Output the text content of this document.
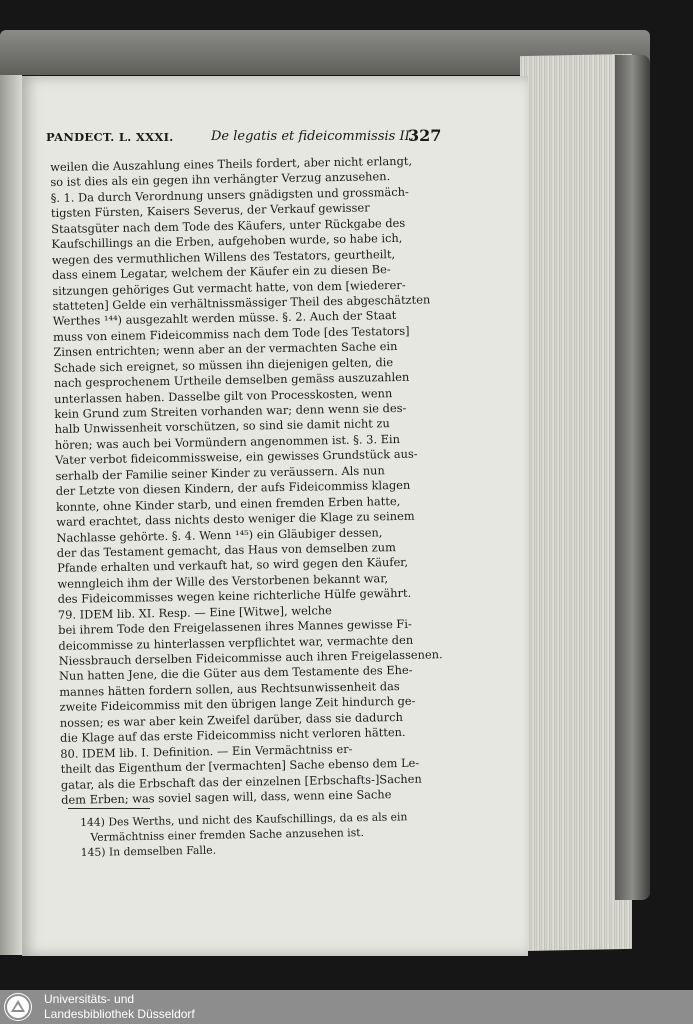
PANDECT. L. XXXI.	De legatis et fideicommissis II.
327
weilen die Auszahlung eines Theils fordert, aber nicht erlangt,
so ist dies als ein gegen ihn verhängter Verzug anzusehen.
§. 1. Da durch Verordnung unsers gnädigsten und grossmäch-
tigsten Fürsten, Kaisers Severus, der Verkauf gewisser
Staatsgüter nach dem Tode des Käufers, unter Rückgabe des
Kaufschillings an die Erben, aufgehoben wurde, so habe ich,
wegen des vermuthlichen Willens des Testators, geurtheilt,
dass einem Legatar, welchem der Käufer ein zu diesen Be-
sitzungen gehöriges Gut vermacht hatte, von dem [wiederer-
statteten] Gelde ein verhältnissmässiger Theil des abgeschätzten
Werthes ¹⁴⁴) ausgezahlt werden müsse. §. 2. Auch der Staat
muss von einem Fideicommiss nach dem Tode [des Testators]
Zinsen entrichten; wenn aber an der vermachten Sache ein
Schade sich ereignet, so müssen ihn diejenigen gelten, die
nach gesprochenem Urtheile demselben gemäss auszuzahlen
unterlassen haben. Dasselbe gilt von Processkosten, wenn
kein Grund zum Streiten vorhanden war; denn wenn sie des-
halb Unwissenheit vorschützen, so sind sie damit nicht zu
hören; was auch bei Vormündern angenommen ist. §. 3. Ein
Vater verbot fideicommissweise, ein gewisses Grundstück aus-
serhalb der Familie seiner Kinder zu veräussern. Als nun
der Letzte von diesen Kindern, der aufs Fideicommiss klagen
konnte, ohne Kinder starb, und einen fremden Erben hatte,
ward erachtet, dass nichts desto weniger die Klage zu seinem
Nachlasse gehörte. §. 4. Wenn ¹⁴⁵) ein Gläubiger dessen,
der das Testament gemacht, das Haus von demselben zum
Pfande erhalten und verkauft hat, so wird gegen den Käufer,
wenngleich ihm der Wille des Verstorbenen bekannt war,
des Fideicommisses wegen keine richterliche Hülfe gewährt.
79. IDEM lib. XI. Resp. — Eine [Witwe], welche
bei ihrem Tode den Freigelassenen ihres Mannes gewisse Fi-
deicommisse zu hinterlassen verpflichtet war, vermachte den
Niessbrauch derselben Fideicommisse auch ihren Freigelassenen.
Nun hatten Jene, die die Güter aus dem Testamente des Ehe-
mannes hätten fordern sollen, aus Rechtsunwissenheit das
zweite Fideicommiss mit den übrigen lange Zeit hindurch ge-
nossen; es war aber kein Zweifel darüber, dass sie dadurch
die Klage auf das erste Fideicommiss nicht verloren hätten.
80. IDEM lib. I. Definition. — Ein Vermächtniss er-
theilt das Eigenthum der [vermachten] Sache ebenso dem Le-
gatar, als die Erbschaft das der einzelnen [Erbschafts-]Sachen
dem Erben; was soviel sagen will, dass, wenn eine Sache
144) Des Werths, und nicht des Kaufschillings, da es als ein
Vermächtniss einer fremden Sache anzusehen ist.
145) In demselben Falle.
Universitäts- und
Landesbibliothek Düsseldorf
